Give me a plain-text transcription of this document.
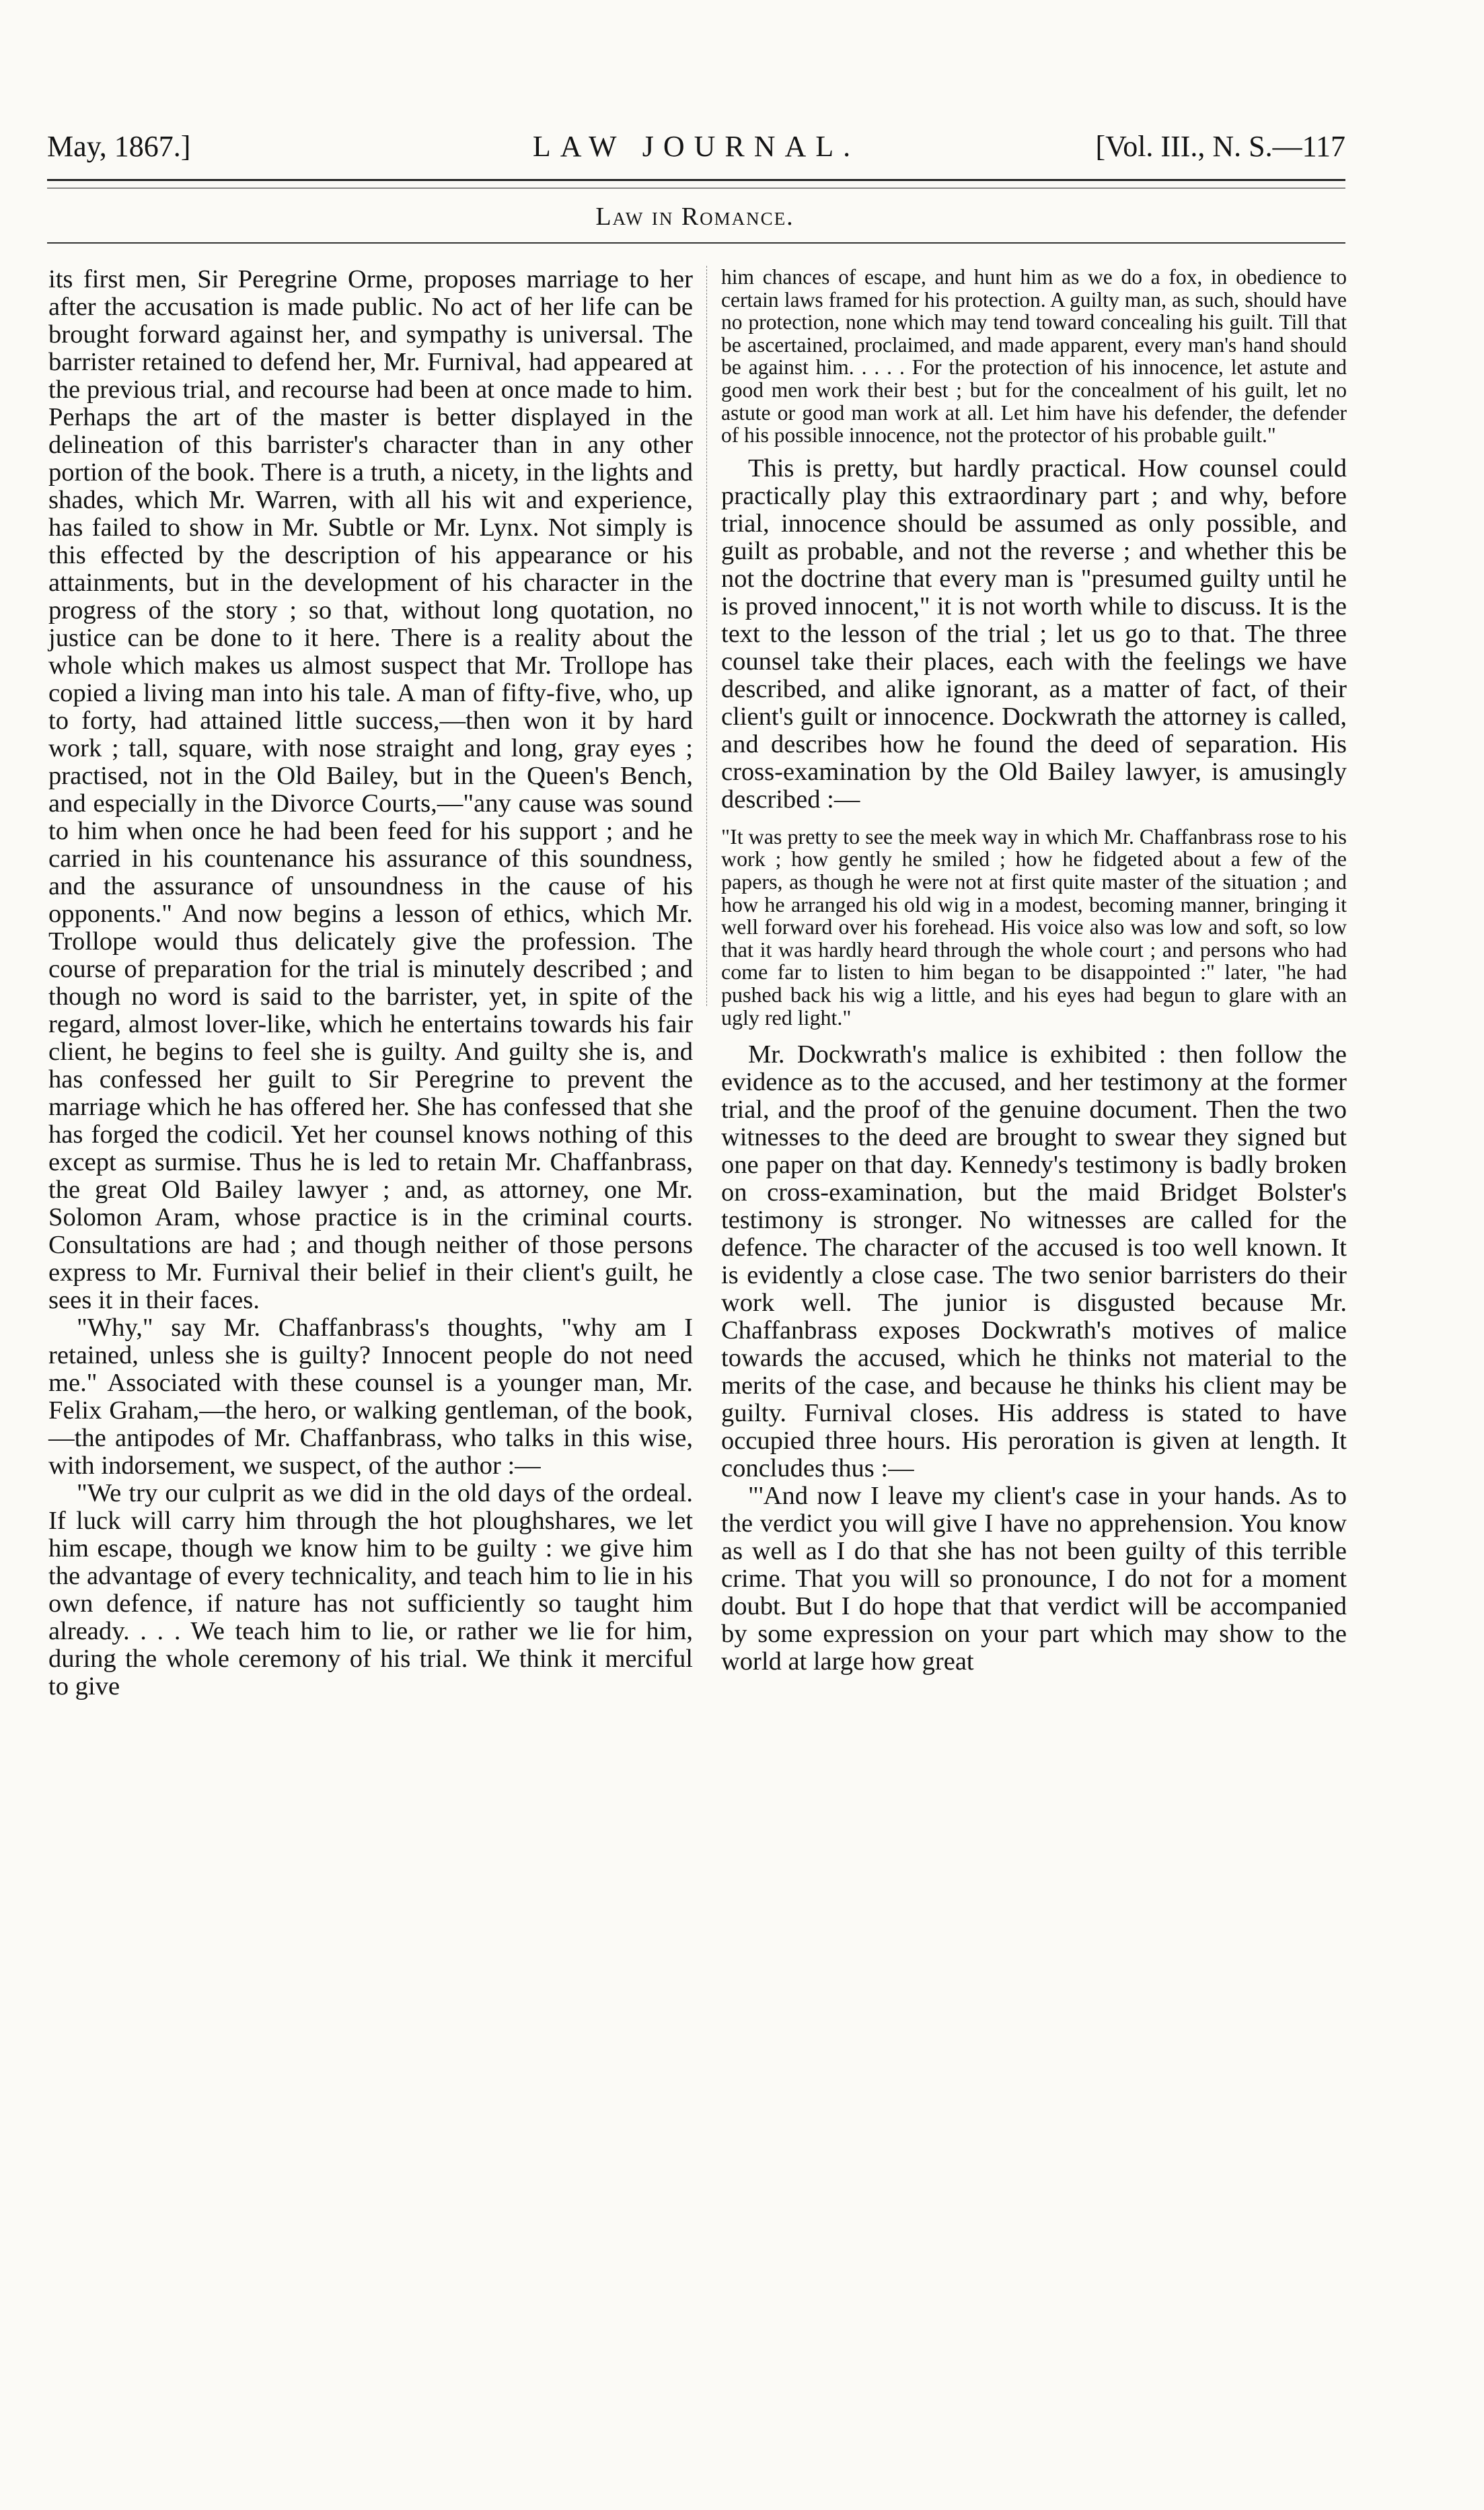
May, 1867.]	LAW JOURNAL.	[Vol. III., N. S.—117
Law in Romance.

its first men, Sir Peregrine Orme, proposes marriage to her after the accusation is made public. No act of her life can be brought forward against her, and sympathy is universal. The barrister retained to defend her, Mr. Furnival, had appeared at the previous trial, and recourse had been at once made to him. Perhaps the art of the master is better displayed in the delineation of this barrister's character than in any other portion of the book. There is a truth, a nicety, in the lights and shades, which Mr. Warren, with all his wit and experience, has failed to show in Mr. Subtle or Mr. Lynx. Not simply is this effected by the description of his appearance or his attainments, but in the development of his character in the progress of the story ; so that, without long quotation, no justice can be done to it here. There is a reality about the whole which makes us almost suspect that Mr. Trollope has copied a living man into his tale. A man of fifty-five, who, up to forty, had attained little success,—then won it by hard work ; tall, square, with nose straight and long, gray eyes ; practised, not in the Old Bailey, but in the Queen's Bench, and especially in the Divorce Courts,—"any cause was sound to him when once he had been feed for his support ; and he carried in his countenance his assurance of this soundness, and the assurance of unsoundness in the cause of his opponents." And now begins a lesson of ethics, which Mr. Trollope would thus delicately give the profession. The course of preparation for the trial is minutely described ; and though no word is said to the barrister, yet, in spite of the regard, almost lover-like, which he entertains towards his fair client, he begins to feel she is guilty. And guilty she is, and has confessed her guilt to Sir Peregrine to prevent the marriage which he has offered her. She has confessed that she has forged the codicil. Yet her counsel knows nothing of this except as surmise. Thus he is led to retain Mr. Chaffanbrass, the great Old Bailey lawyer ; and, as attorney, one Mr. Solomon Aram, whose practice is in the criminal courts. Consultations are had ; and though neither of those persons express to Mr. Furnival their belief in their client's guilt, he sees it in their faces.

"Why," say Mr. Chaffanbrass's thoughts, "why am I retained, unless she is guilty? Innocent people do not need me." Associated with these counsel is a younger man, Mr. Felix Graham,—the hero, or walking gentleman, of the book,—the antipodes of Mr. Chaffanbrass, who talks in this wise, with indorsement, we suspect, of the author :—

"We try our culprit as we did in the old days of the ordeal. If luck will carry him through the hot ploughshares, we let him escape, though we know him to be guilty : we give him the advantage of every technicality, and teach him to lie in his own defence, if nature has not sufficiently so taught him already. . . . We teach him to lie, or rather we lie for him, during the whole ceremony of his trial. We think it merciful to give

him chances of escape, and hunt him as we do a fox, in obedience to certain laws framed for his protection. A guilty man, as such, should have no protection, none which may tend toward concealing his guilt. Till that be ascertained, proclaimed, and made apparent, every man's hand should be against him. . . . . For the protection of his innocence, let astute and good men work their best ; but for the concealment of his guilt, let no astute or good man work at all. Let him have his defender, the defender of his possible innocence, not the protector of his probable guilt."

This is pretty, but hardly practical. How counsel could practically play this extraordinary part ; and why, before trial, innocence should be assumed as only possible, and guilt as probable, and not the reverse ; and whether this be not the doctrine that every man is "presumed guilty until he is proved innocent," it is not worth while to discuss. It is the text to the lesson of the trial ; let us go to that. The three counsel take their places, each with the feelings we have described, and alike ignorant, as a matter of fact, of their client's guilt or innocence. Dockwrath the attorney is called, and describes how he found the deed of separation. His cross-examination by the Old Bailey lawyer, is amusingly described :—

"It was pretty to see the meek way in which Mr. Chaffanbrass rose to his work ; how gently he smiled ; how he fidgeted about a few of the papers, as though he were not at first quite master of the situation ; and how he arranged his old wig in a modest, becoming manner, bringing it well forward over his forehead. His voice also was low and soft, so low that it was hardly heard through the whole court ; and persons who had come far to listen to him began to be disappointed :" later, "he had pushed back his wig a little, and his eyes had begun to glare with an ugly red light."

Mr. Dockwrath's malice is exhibited : then follow the evidence as to the accused, and her testimony at the former trial, and the proof of the genuine document. Then the two witnesses to the deed are brought to swear they signed but one paper on that day. Kennedy's testimony is badly broken on cross-examination, but the maid Bridget Bolster's testimony is stronger. No witnesses are called for the defence. The character of the accused is too well known. It is evidently a close case. The two senior barristers do their work well. The junior is disgusted because Mr. Chaffanbrass exposes Dockwrath's motives of malice towards the accused, which he thinks not material to the merits of the case, and because he thinks his client may be guilty. Furnival closes. His address is stated to have occupied three hours. His peroration is given at length. It concludes thus :—

"'And now I leave my client's case in your hands. As to the verdict you will give I have no apprehension. You know as well as I do that she has not been guilty of this terrible crime. That you will so pronounce, I do not for a moment doubt. But I do hope that that verdict will be accompanied by some expression on your part which may show to the world at large how great
